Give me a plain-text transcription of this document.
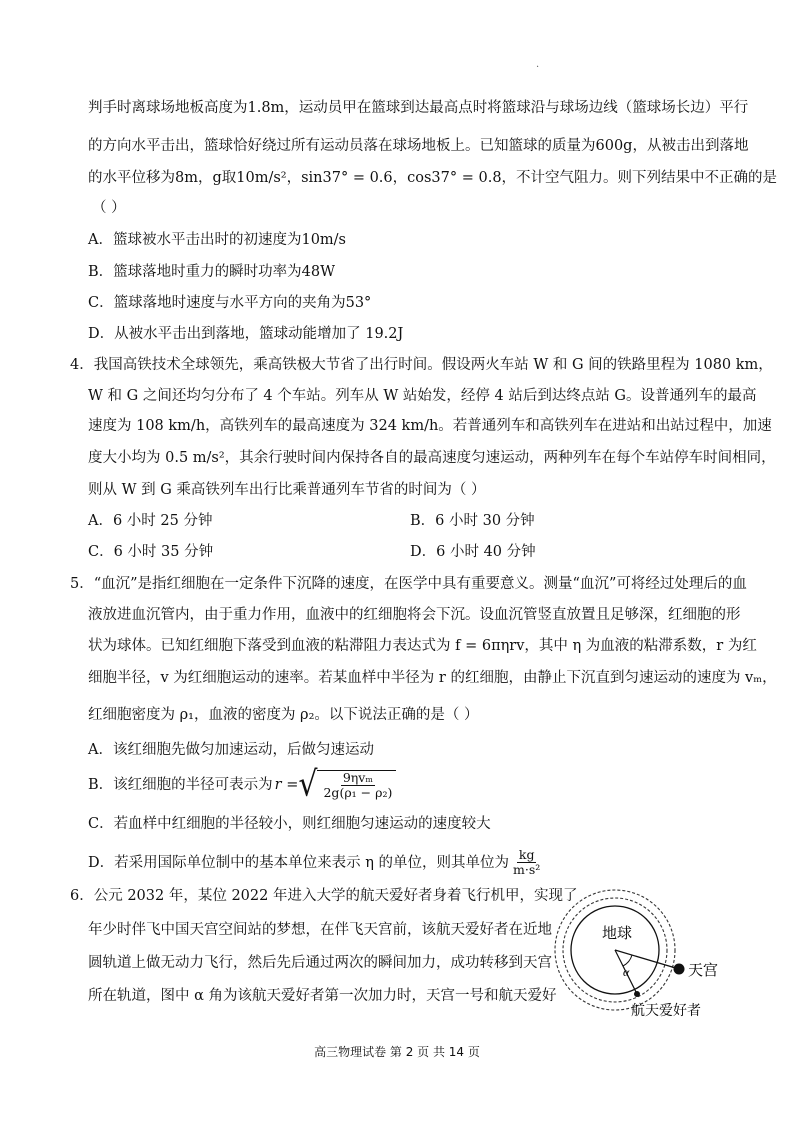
·
判手时离球场地板高度为1.8m，运动员甲在篮球到达最高点时将篮球沿与球场边线（篮球场长边）平行
的方向水平击出，篮球恰好绕过所有运动员落在球场地板上。已知篮球的质量为600g，从被击出到落地
的水平位移为8m，g取10m/s²，sin37° = 0.6，cos37° = 0.8，不计空气阻力。则下列结果中不正确的是
（ ）
A．篮球被水平击出时的初速度为10m/s
B．篮球落地时重力的瞬时功率为48W
C．篮球落地时速度与水平方向的夹角为53°
D．从被水平击出到落地，篮球动能增加了 19.2J
4．我国高铁技术全球领先，乘高铁极大节省了出行时间。假设两火车站 W 和 G 间的铁路里程为 1080 km，
W 和 G 之间还均匀分布了 4 个车站。列车从 W 站始发，经停 4 站后到达终点站 G。设普通列车的最高
速度为 108 km/h，高铁列车的最高速度为 324 km/h。若普通列车和高铁列车在进站和出站过程中，加速
度大小均为 0.5 m/s²，其余行驶时间内保持各自的最高速度匀速运动，两种列车在每个车站停车时间相同，
则从 W 到 G 乘高铁列车出行比乘普通列车节省的时间为（ ）
A．6 小时 25 分钟	B．6 小时 30 分钟
C．6 小时 35 分钟	D．6 小时 40 分钟
5．“血沉”是指红细胞在一定条件下沉降的速度，在医学中具有重要意义。测量“血沉”可将经过处理后的血
液放进血沉管内，由于重力作用，血液中的红细胞将会下沉。设血沉管竖直放置且足够深，红细胞的形
状为球体。已知红细胞下落受到血液的粘滞阻力表达式为 f = 6πηrv，其中 η 为血液的粘滞系数，r 为红
细胞半径，v 为红细胞运动的速率。若某血样中半径为 r 的红细胞，由静止下沉直到匀速运动的速度为 vₘ，
红细胞密度为 ρ₁，血液的密度为 ρ₂。以下说法正确的是（ ）
A．该红细胞先做匀加速运动，后做匀速运动
B．该红细胞的半径可表示为 r = √ $\frac{\text{9ηvₘ}}{\text{2g(ρ₁ − ρ₂)}}$
C．若血样中红细胞的半径较小，则红细胞匀速运动的速度较大
D．若采用国际单位制中的基本单位来表示 η 的单位，则其单位为 $\frac{kg}{\text{m·s²}}$
6．公元 2032 年，某位 2022 年进入大学的航天爱好者身着飞行机甲，实现了
年少时伴飞中国天宫空间站的梦想，在伴飞天宫前，该航天爱好者在近地
圆轨道上做无动力飞行，然后先后通过两次的瞬间加力，成功转移到天宫
所在轨道，图中 α 角为该航天爱好者第一次加力时，天宫一号和航天爱好
地球
α	天宫
航天爱好者
高三物理试卷 第 2 页 共 14 页
